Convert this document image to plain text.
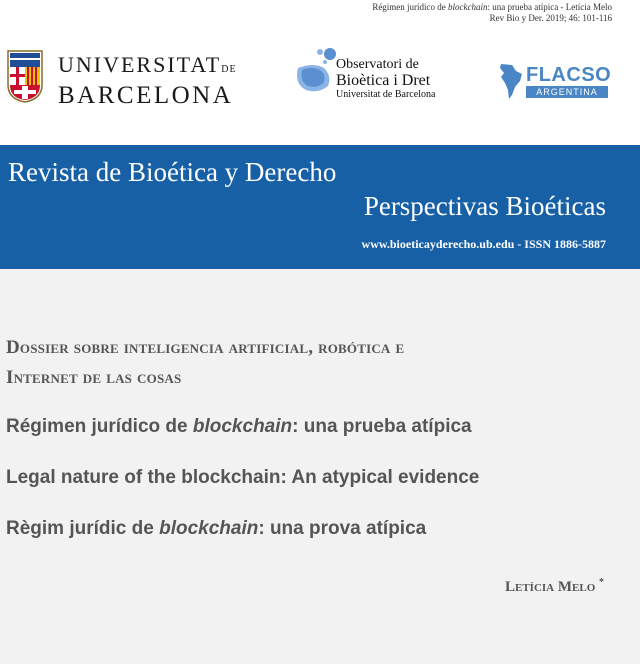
Régimen jurídico de blockchain: una prueba atípica - Letícia Melo
Rev Bio y Der. 2019; 46: 101-116
UNIVERSITATDE
BARCELONA
Observatori de
Bioètica i Dret
Universitat de Barcelona
FLACSO
ARGENTINA
Revista de Bioética y Derecho
Perspectivas Bioéticas
www.bioeticayderecho.ub.edu - ISSN 1886-5887
Dossier sobre inteligencia artificial, robótica e
Internet de las cosas
Régimen jurídico de blockchain: una prueba atípica
Legal nature of the blockchain: An atypical evidence
Règim jurídic de blockchain: una prova atípica
Letícia Melo *
